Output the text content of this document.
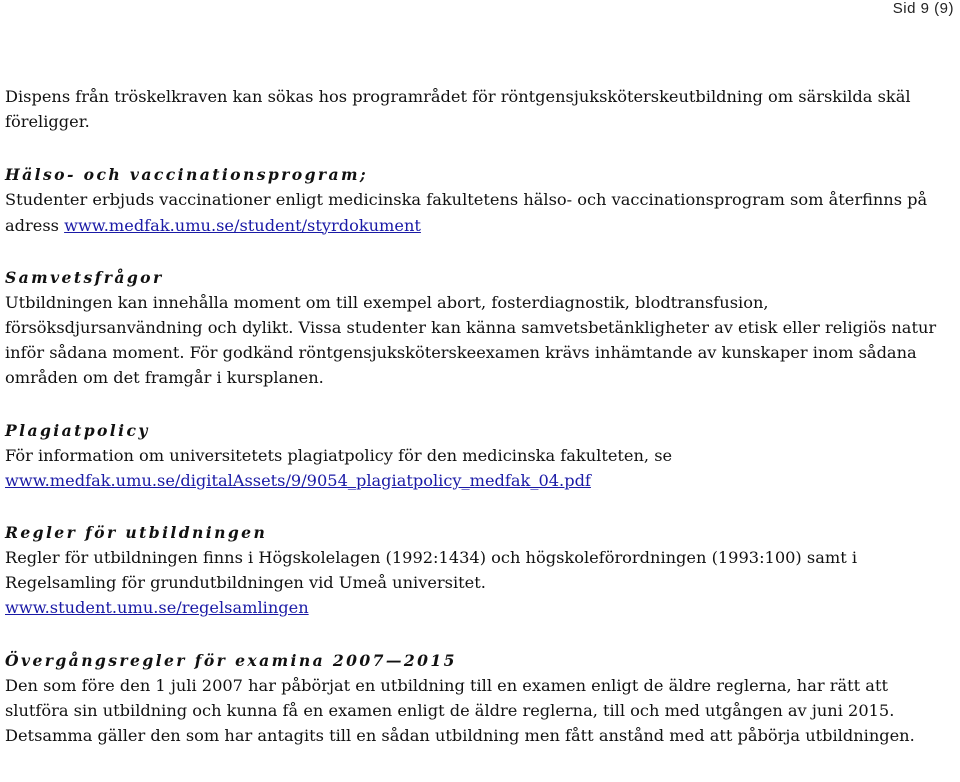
Sid 9 (9)

Dispens från tröskelkraven kan sökas hos programrådet för röntgensjuksköterskeutbildning om särskilda skäl föreligger.

Hälso- och vaccinationsprogram;

Studenter erbjuds vaccinationer enligt medicinska fakultetens hälso- och vaccinationsprogram som återfinns på adress www.medfak.umu.se/student/styrdokument

Samvetsfrågor

Utbildningen kan innehålla moment om till exempel abort, fosterdiagnostik, blodtransfusion, försöksdjursanvändning och dylikt. Vissa studenter kan känna samvetsbetänkligheter av etisk eller religiös natur inför sådana moment. För godkänd röntgensjuksköterskeexamen krävs inhämtande av kunskaper inom sådana områden om det framgår i kursplanen.

Plagiatpolicy

För information om universitetets plagiatpolicy för den medicinska fakulteten, se

www.medfak.umu.se/digitalAssets/9/9054_plagiatpolicy_medfak_04.pdf

Regler för utbildningen

Regler för utbildningen finns i Högskolelagen (1992:1434) och högskoleförordningen (1993:100) samt i Regelsamling för grundutbildningen vid Umeå universitet.

www.student.umu.se/regelsamlingen

Övergångsregler för examina 2007—2015

Den som före den 1 juli 2007 har påbörjat en utbildning till en examen enligt de äldre reglerna, har rätt att slutföra sin utbildning och kunna få en examen enligt de äldre reglerna, till och med utgången av juni 2015. Detsamma gäller den som har antagits till en sådan utbildning men fått anstånd med att påbörja utbildningen.
